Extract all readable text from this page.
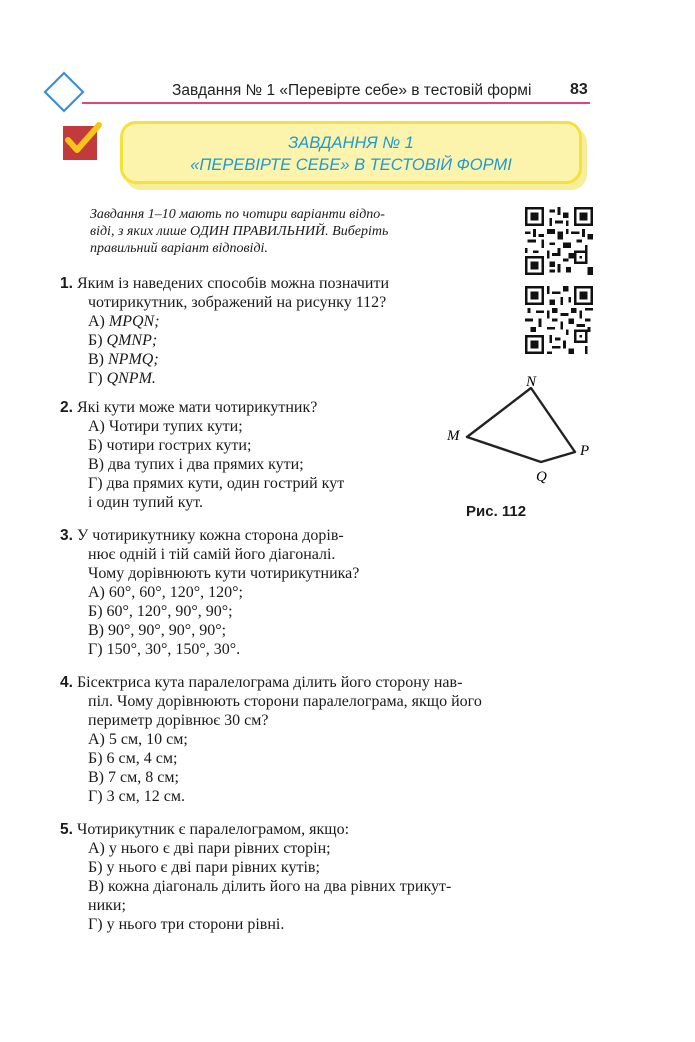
Завдання № 1 «Перевірте себе» в тестовій формі 83
ЗАВДАННЯ № 1
«ПЕРЕВІРТЕ СЕБЕ» В ТЕСТОВІЙ ФОРМІ
Завдання 1–10 мають по чотири варіанти відпо-
віді, з яких лише ОДИН ПРАВИЛЬНИЙ. Виберіть
правильний варіант відповіді.
N
M
P
Q
Рис. 112
1. Яким із наведених способів можна позначити
чотирикутник, зображений на рисунку 112?
А) MPQN;
Б) QMNP;
В) NPMQ;
Г) QNPM.
2. Які кути може мати чотирикутник?
А) Чотири тупих кути;
Б) чотири гострих кути;
В) два тупих і два прямих кути;
Г) два прямих кути, один гострий кут
і один тупий кут.
3. У чотирикутнику кожна сторона дорів-
нює одній і тій самій його діагоналі.
Чому дорівнюють кути чотирикутника?
А) 60°, 60°, 120°, 120°;
Б) 60°, 120°, 90°, 90°;
В) 90°, 90°, 90°, 90°;
Г) 150°, 30°, 150°, 30°.
4. Бісектриса кута паралелограма ділить його сторону нав-
піл. Чому дорівнюють сторони паралелограма, якщо його
периметр дорівнює 30 см?
А) 5 см, 10 см;
Б) 6 см, 4 см;
В) 7 см, 8 см;
Г) 3 см, 12 см.
5. Чотирикутник є паралелограмом, якщо:
А) у нього є дві пари рівних сторін;
Б) у нього є дві пари рівних кутів;
В) кожна діагональ ділить його на два рівних трикут-
ники;
Г) у нього три сторони рівні.
